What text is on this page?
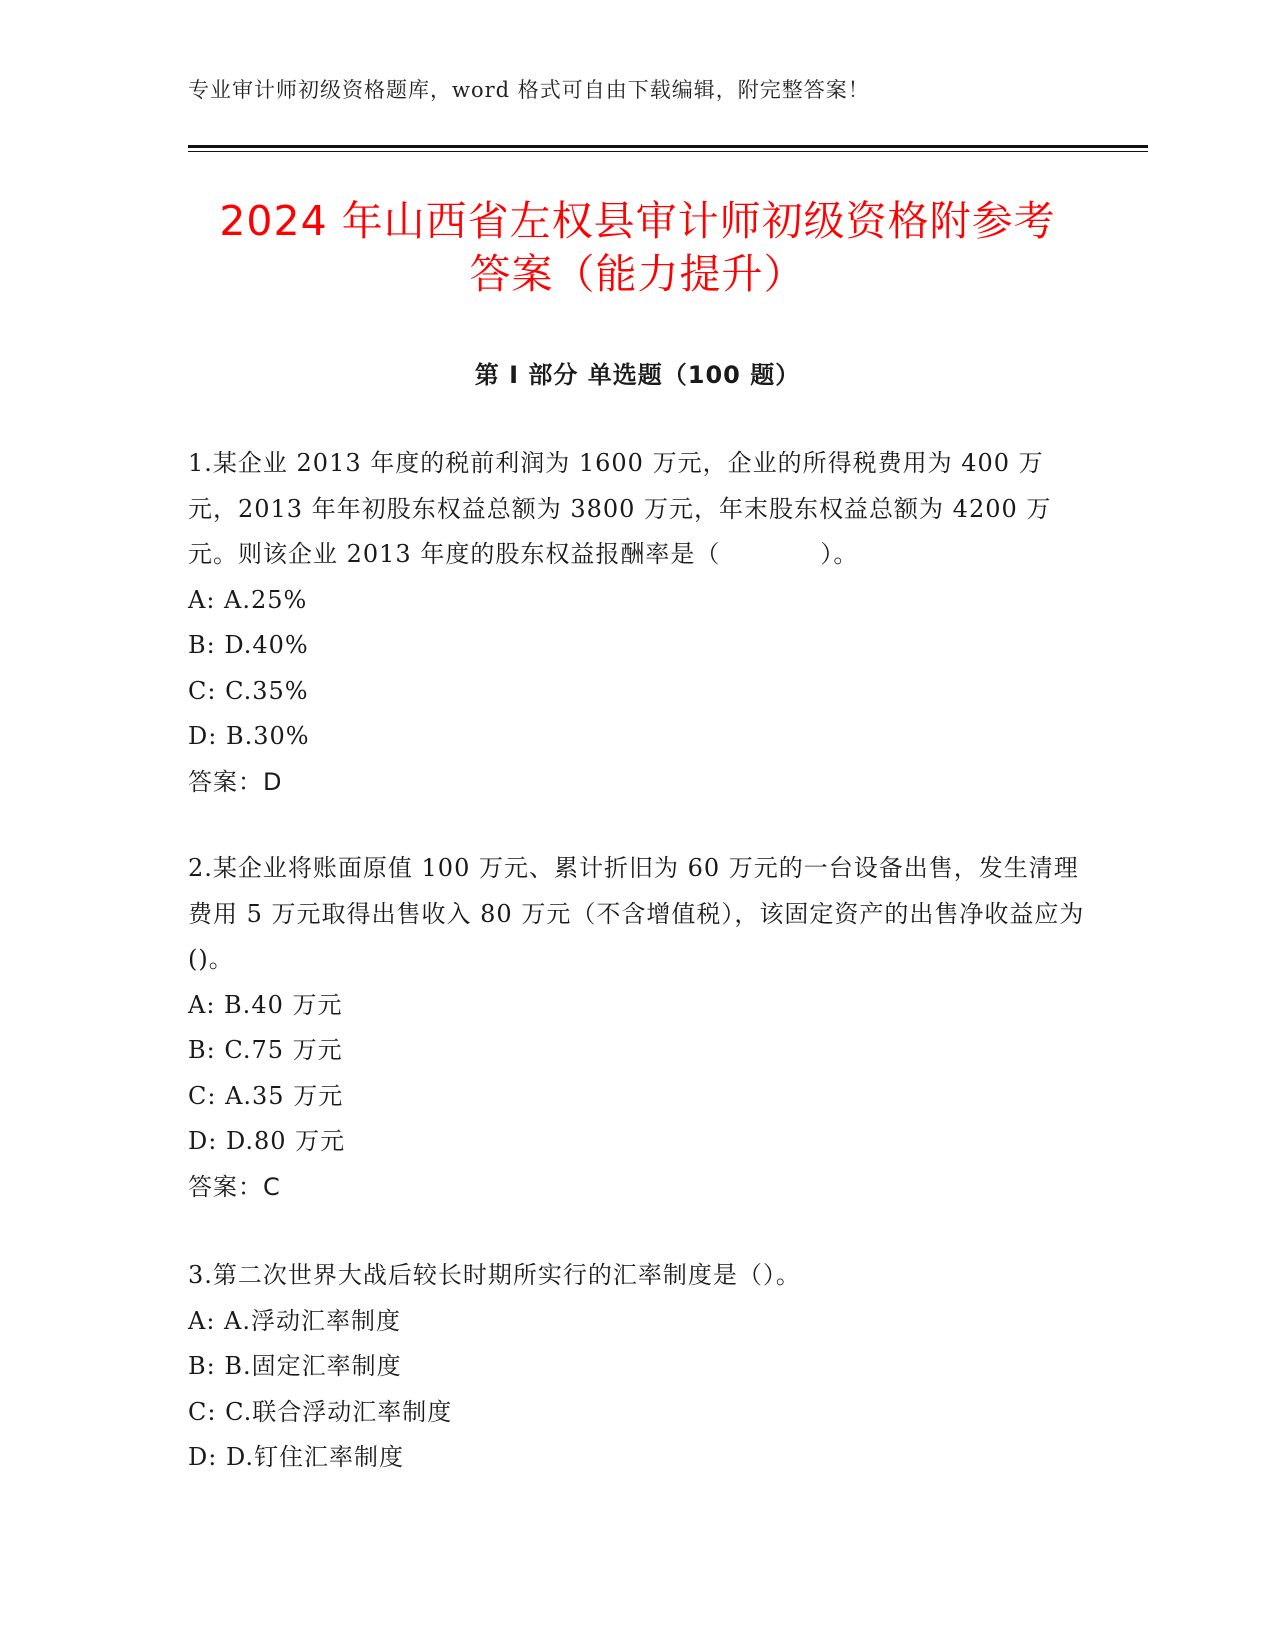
专业审计师初级资格题库，word 格式可自由下载编辑，附完整答案！
2024 年山西省左权县审计师初级资格附参考
答案（能力提升）
第 I 部分 单选题（100 题）

1.某企业 2013 年度的税前利润为 1600 万元，企业的所得税费用为 400 万元，2013 年年初股东权益总额为 3800 万元，年末股东权益总额为 4200 万元。则该企业 2013 年度的股东权益报酬率是（　　　　）。

A: A.25%

B: D.40%

C: C.35%

D: B.30%

答案：D

2.某企业将账面原值 100 万元、累计折旧为 60 万元的一台设备出售，发生清理费用 5 万元取得出售收入 80 万元（不含增值税），该固定资产的出售净收益应为()。

A: B.40 万元

B: C.75 万元

C: A.35 万元

D: D.80 万元

答案：C

3.第二次世界大战后较长时期所实行的汇率制度是（）。

A: A.浮动汇率制度

B: B.固定汇率制度

C: C.联合浮动汇率制度

D: D.钉住汇率制度
